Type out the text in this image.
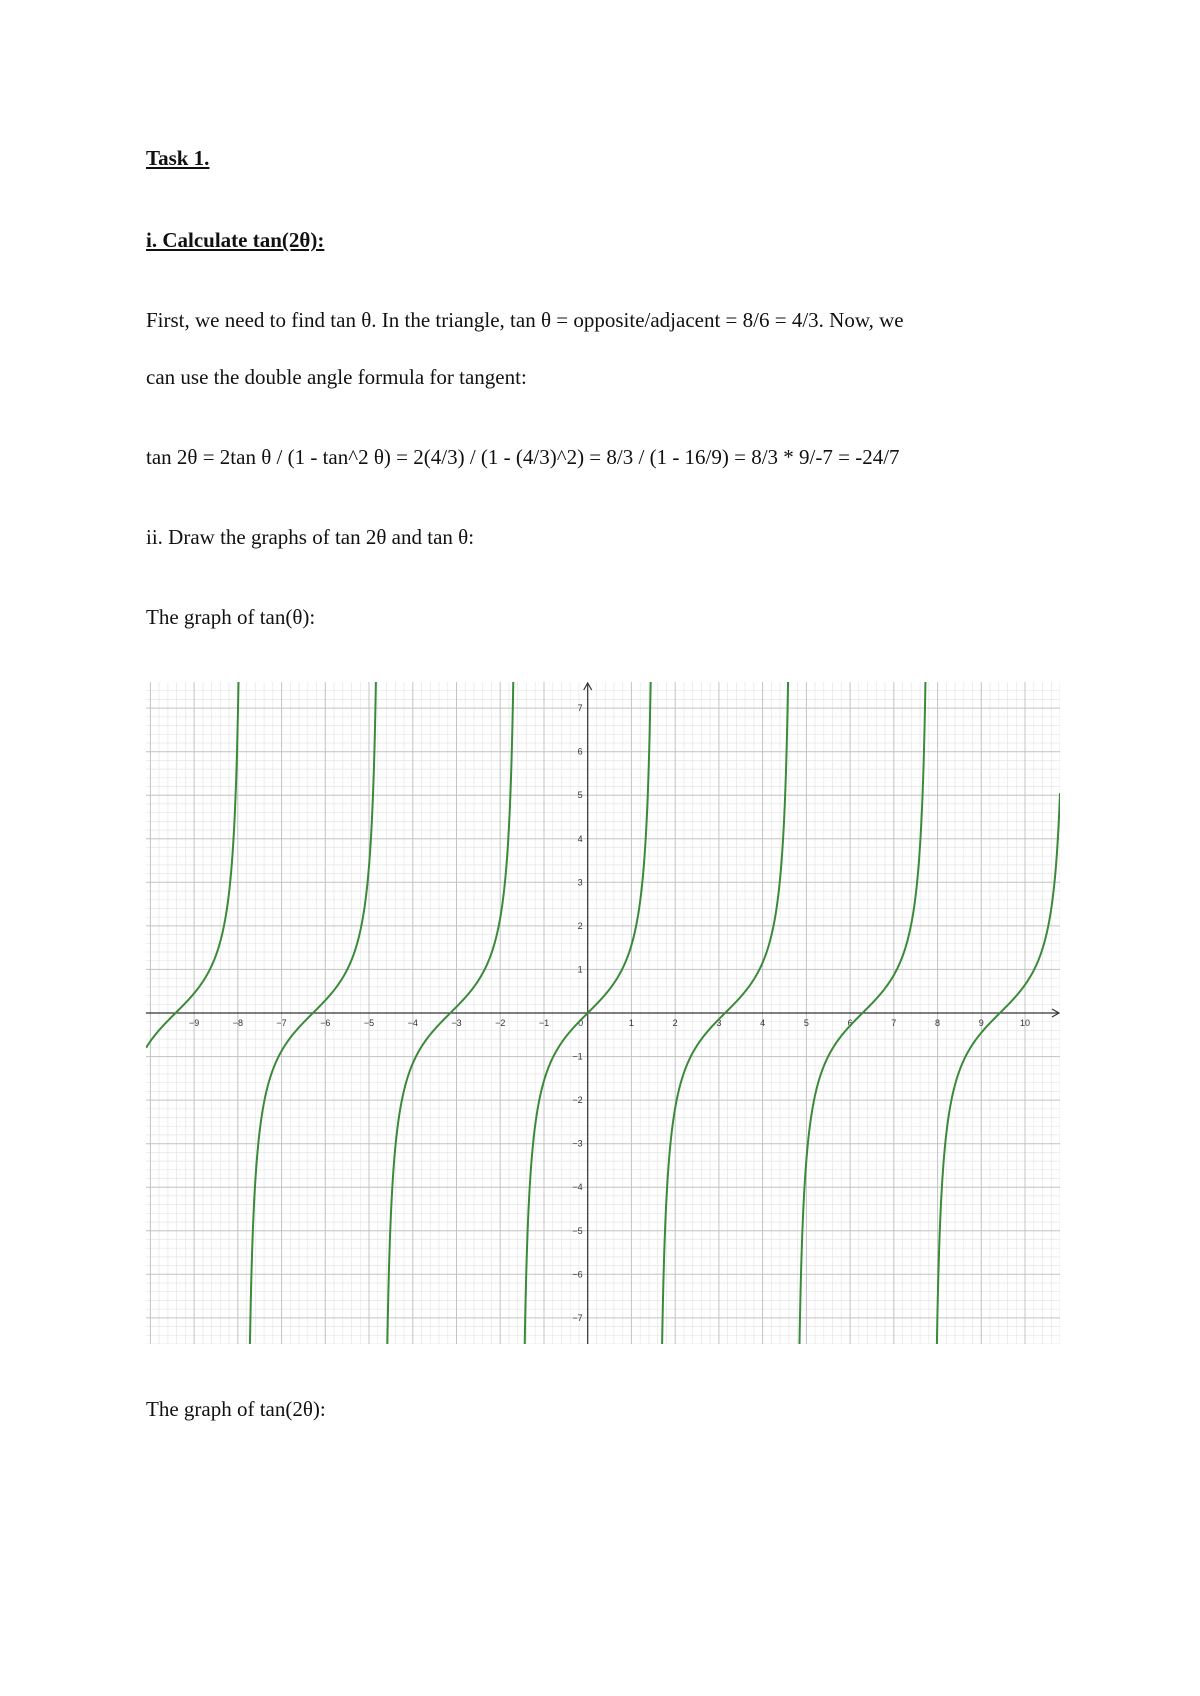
Task 1.
i. Calculate tan(2θ):
First, we need to find tan θ. In the triangle, tan θ = opposite/adjacent = 8/6 = 4/3. Now, we
can use the double angle formula for tangent:
tan 2θ = 2tan θ / (1 - tan^2 θ) = 2(4/3) / (1 - (4/3)^2) = 8/3 / (1 - 16/9) = 8/3 * 9/-7 = -24/7
ii. Draw the graphs of tan 2θ and tan θ:
The graph of tan(θ):
−9	−8	−7	−6	−5	−4	−3	−2	−1	0	1	2	3	4	5	6	7	8	9	10
−7
−6
−5
−4
−3
−2
−1
1
2
3
4
5
6
7
The graph of tan(2θ):
